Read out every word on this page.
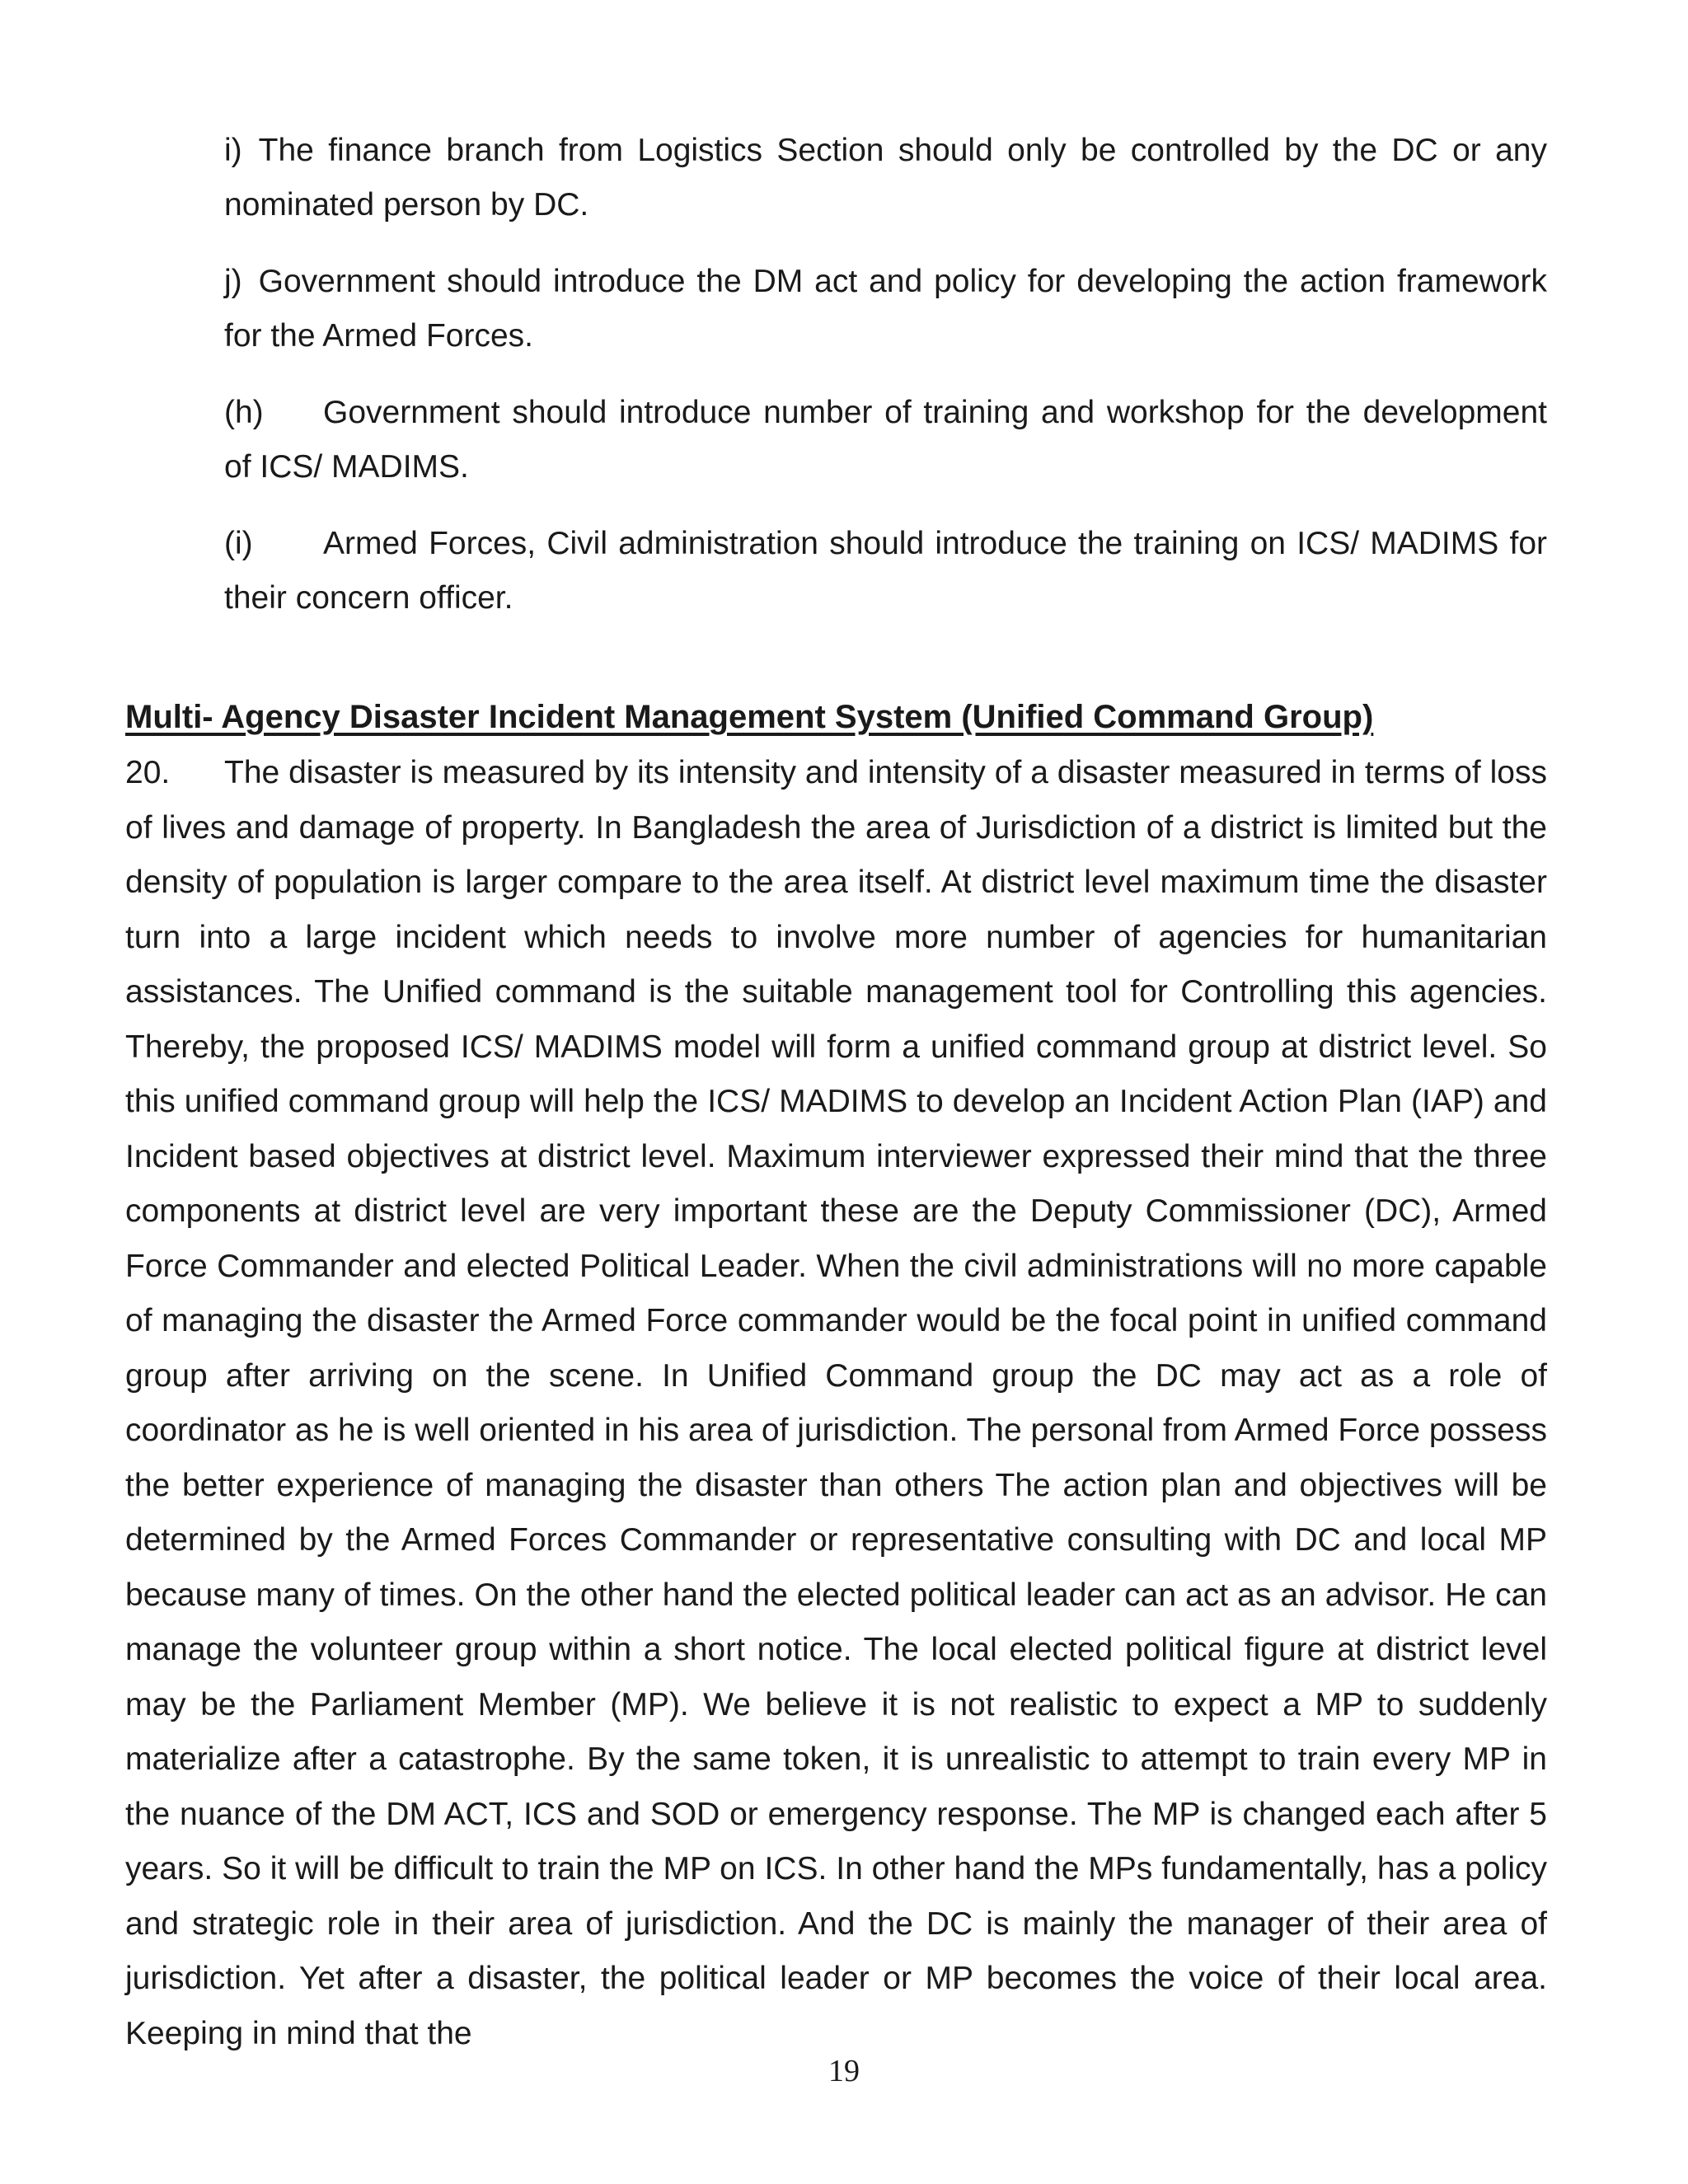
i) The finance branch from Logistics Section should only be controlled by the DC or any nominated person by DC.
j) Government should introduce the DM act and policy for developing the action framework for the Armed Forces.
(h) Government should introduce number of training and workshop for the development of ICS/ MADIMS.
(i) Armed Forces, Civil administration should introduce the training on ICS/ MADIMS for their concern officer.
Multi- Agency Disaster Incident Management System (Unified Command Group)

20. The disaster is measured by its intensity and intensity of a disaster measured in terms of loss of lives and damage of property. In Bangladesh the area of Jurisdiction of a district is limited but the density of population is larger compare to the area itself. At district level maximum time the disaster turn into a large incident which needs to involve more number of agencies for humanitarian assistances. The Unified command is the suitable management tool for Controlling this agencies. Thereby, the proposed ICS/ MADIMS model will form a unified command group at district level. So this unified command group will help the ICS/ MADIMS to develop an Incident Action Plan (IAP) and Incident based objectives at district level. Maximum interviewer expressed their mind that the three components at district level are very important these are the Deputy Commissioner (DC), Armed Force Commander and elected Political Leader. When the civil administrations will no more capable of managing the disaster the Armed Force commander would be the focal point in unified command group after arriving on the scene. In Unified Command group the DC may act as a role of coordinator as he is well oriented in his area of jurisdiction. The personal from Armed Force possess the better experience of managing the disaster than others The action plan and objectives will be determined by the Armed Forces Commander or representative consulting with DC and local MP because many of times. On the other hand the elected political leader can act as an advisor. He can manage the volunteer group within a short notice. The local elected political figure at district level may be the Parliament Member (MP). We believe it is not realistic to expect a MP to suddenly materialize after a catastrophe. By the same token, it is unrealistic to attempt to train every MP in the nuance of the DM ACT, ICS and SOD or emergency response. The MP is changed each after 5 years. So it will be difficult to train the MP on ICS. In other hand the MPs fundamentally, has a policy and strategic role in their area of jurisdiction. And the DC is mainly the manager of their area of jurisdiction. Yet after a disaster, the political leader or MP becomes the voice of their local area. Keeping in mind that the

19
